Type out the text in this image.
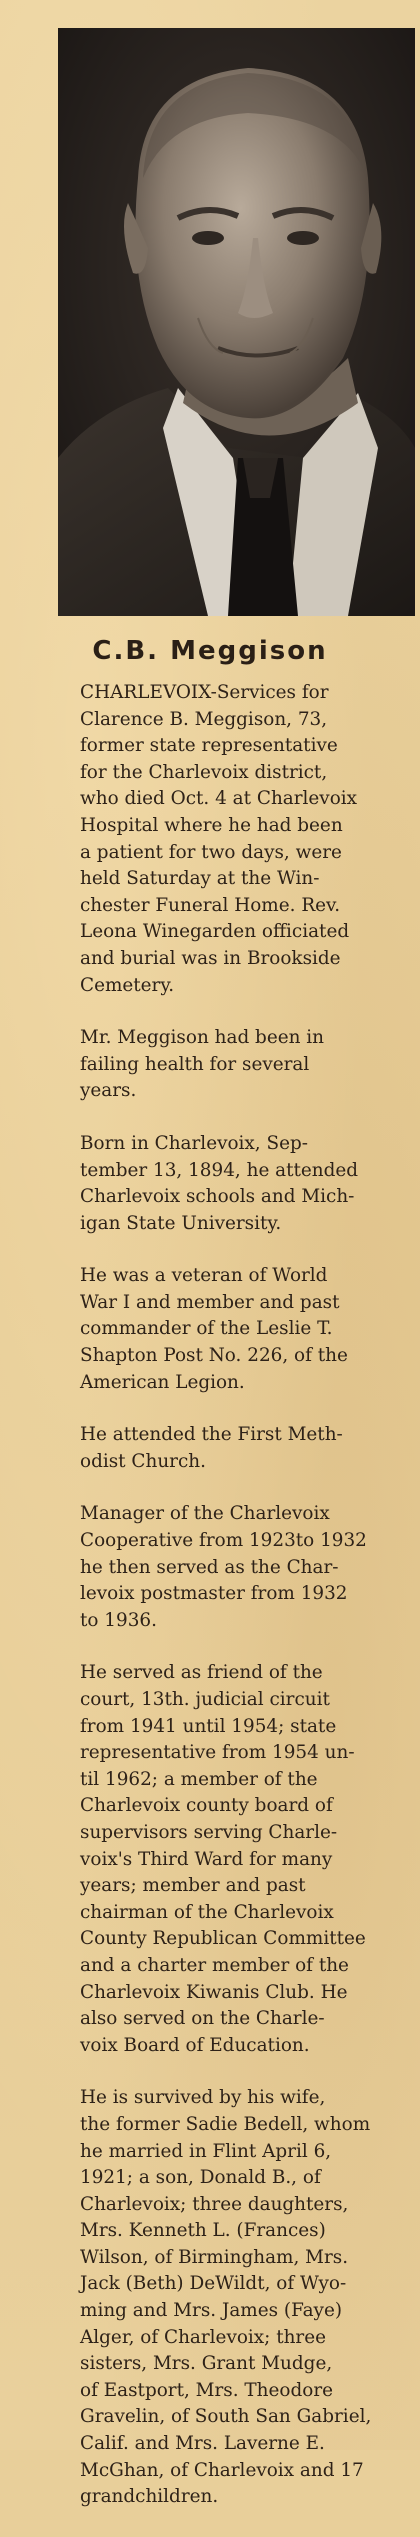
C.B. Meggison

CHARLEVOIX-Services for
Clarence B. Meggison, 73,
former state representative
for the Charlevoix district,
who died Oct. 4 at Charlevoix
Hospital where he had been
a patient for two days, were
held Saturday at the Win-
chester Funeral Home. Rev.
Leona Winegarden officiated
and burial was in Brookside
Cemetery.

Mr. Meggison had been in
failing health for several
years.

Born in Charlevoix, Sep-
tember 13, 1894, he attended
Charlevoix schools and Mich-
igan State University.

He was a veteran of World
War I and member and past
commander of the Leslie T.
Shapton Post No. 226, of the
American Legion.

He attended the First Meth-
odist Church.

Manager of the Charlevoix
Cooperative from 1923to 1932
he then served as the Char-
levoix postmaster from 1932
to 1936.

He served as friend of the
court, 13th. judicial circuit
from 1941 until 1954; state
representative from 1954 un-
til 1962; a member of the
Charlevoix county board of
supervisors serving Charle-
voix's Third Ward for many
years; member and past
chairman of the Charlevoix
County Republican Committee
and a charter member of the
Charlevoix Kiwanis Club. He
also served on the Charle-
voix Board of Education.

He is survived by his wife,
the former Sadie Bedell, whom
he married in Flint April 6,
1921; a son, Donald B., of
Charlevoix; three daughters,
Mrs. Kenneth L. (Frances)
Wilson, of Birmingham, Mrs.
Jack (Beth) DeWildt, of Wyo-
ming and Mrs. James (Faye)
Alger, of Charlevoix; three
sisters, Mrs. Grant Mudge,
of Eastport, Mrs. Theodore
Gravelin, of South San Gabriel,
Calif. and Mrs. Laverne E.
McGhan, of Charlevoix and 17
grandchildren.
